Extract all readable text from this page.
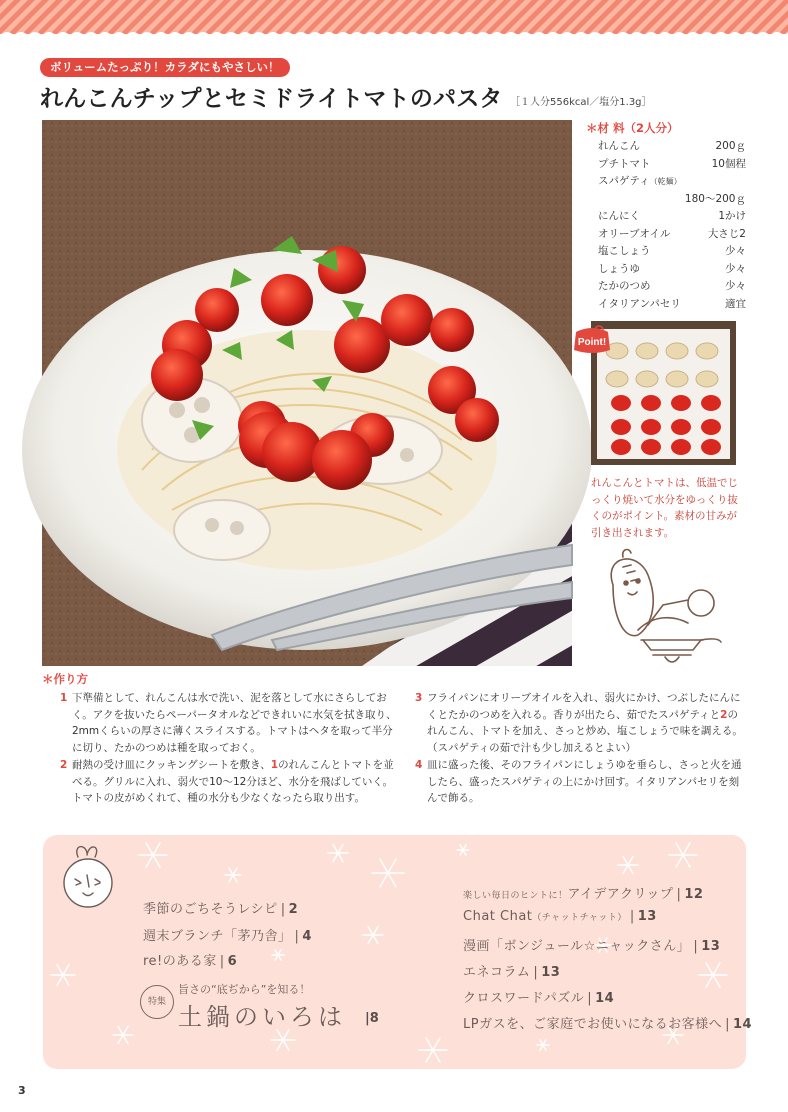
ボリュームたっぷり！カラダにもやさしい！
れんこんチップとセミドライトマトのパスタ ［１人分556kcal／塩分1.3g］
＊材 料（2人分）
れんこん	200ｇ
プチトマト	10個程
スパゲティ（乾麺）
180〜200ｇ
にんにく	1かけ
オリーブオイル	大さじ2
塩こしょう	少々
しょうゆ	少々
たかのつめ	少々
イタリアンパセリ	適宜
Point!
れんこんとトマトは、低温でじっくり焼いて水分をゆっくり抜くのがポイント。素材の甘みが引き出されます。
＊作り方
1 下準備として、れんこんは水で洗い、泥を落として水にさらしておく。アクを抜いたらペーパータオルなどできれいに水気を拭き取り、2mmくらいの厚さに薄くスライスする。トマトはヘタを取って半分に切り、たかのつめは種を取っておく。
2 耐熱の受け皿にクッキングシートを敷き、1のれんこんとトマトを並べる。グリルに入れ、弱火で10〜12分ほど、水分を飛ばしていく。トマトの皮がめくれて、種の水分も少なくなったら取り出す。
3 フライパンにオリーブオイルを入れ、弱火にかけ、つぶしたにんにくとたかのつめを入れる。香りが出たら、茹でたスパゲティと2のれんこん、トマトを加え、さっと炒め、塩こしょうで味を調える。（スパゲティの茹で汁も少し加えるとよい）
4 皿に盛った後、そのフライパンにしょうゆを垂らし、さっと火を通したら、盛ったスパゲティの上にかけ回す。イタリアンパセリを刻んで飾る。
季節のごちそうレシピ | 2
週末ブランチ「茅乃舎」 | 4
re!のある家 | 6
特集
旨さの“底ぢから”を知る！
土鍋のいろは |8
楽しい毎日のヒントに！アイデアクリップ | 12
Chat Chat（チャットチャット） | 13
漫画「ボンジュール☆ニャックさん」 | 13
エネコラム | 13
クロスワードパズル | 14
LPガスを、ご家庭でお使いになるお客様へ | 14
3
